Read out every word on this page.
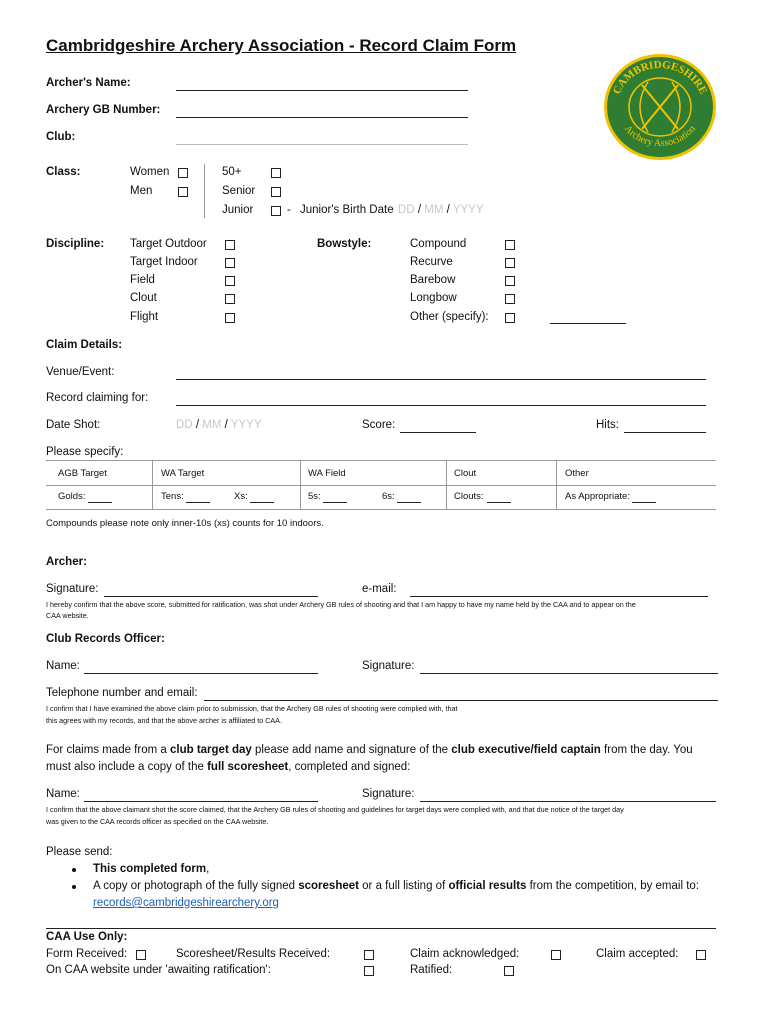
Cambridgeshire Archery Association - Record Claim Form
CAMBRIDGESHIRE
Archery Association
Archer's Name:
Archery GB Number:
Club:
Class:	Women
Men
50+
Senior
Junior	- Junior's Birth Date DD / MM / YYYY
Discipline: Target Outdoor
Target Indoor
Field
Clout
Flight
Bowstyle:	Compound
Recurve
Barebow
Longbow
Other (specify):
Claim Details:
Venue/Event:
Record claiming for:
Date Shot:	DD / MM / YYYY	Score:	Hits:
Please specify:
AGB Target	WA Target	WA Field	Clout	Other
Golds:	Tens:	Xs:	5s:	6s:	Clouts:	As Appropriate:
Compounds please note only inner-10s (xs) counts for 10 indoors.
Archer:
Signature:	e-mail:
I hereby confirm that the above score, submitted for ratification, was shot under Archery GB rules of shooting and that I am happy to have my name held by the CAA and to appear on the
CAA website.
Club Records Officer:
Name:	Signature:
Telephone number and email:
I confirm that I have examined the above claim prior to submission, that the Archery GB rules of shooting were complied with, that
this agrees with my records, and that the above archer is affiliated to CAA.
For claims made from a club target day please add name and signature of the club executive/field captain from the day. You
must also include a copy of the full scoresheet, completed and signed:
Name:	Signature:
I confirm that the above claimant shot the score claimed, that the Archery GB rules of shooting and guidelines for target days were complied with, and that due notice of the target day
was given to the CAA records officer as specified on the CAA website.
Please send:
This completed form,
A copy or photograph of the fully signed scoresheet or a full listing of official results from the competition, by email to:
records@cambridgeshirearchery.org
CAA Use Only:
Form Received:	Scoresheet/Results Received:	Claim acknowledged:	Claim accepted:
On CAA website under 'awaiting ratification':	Ratified:
